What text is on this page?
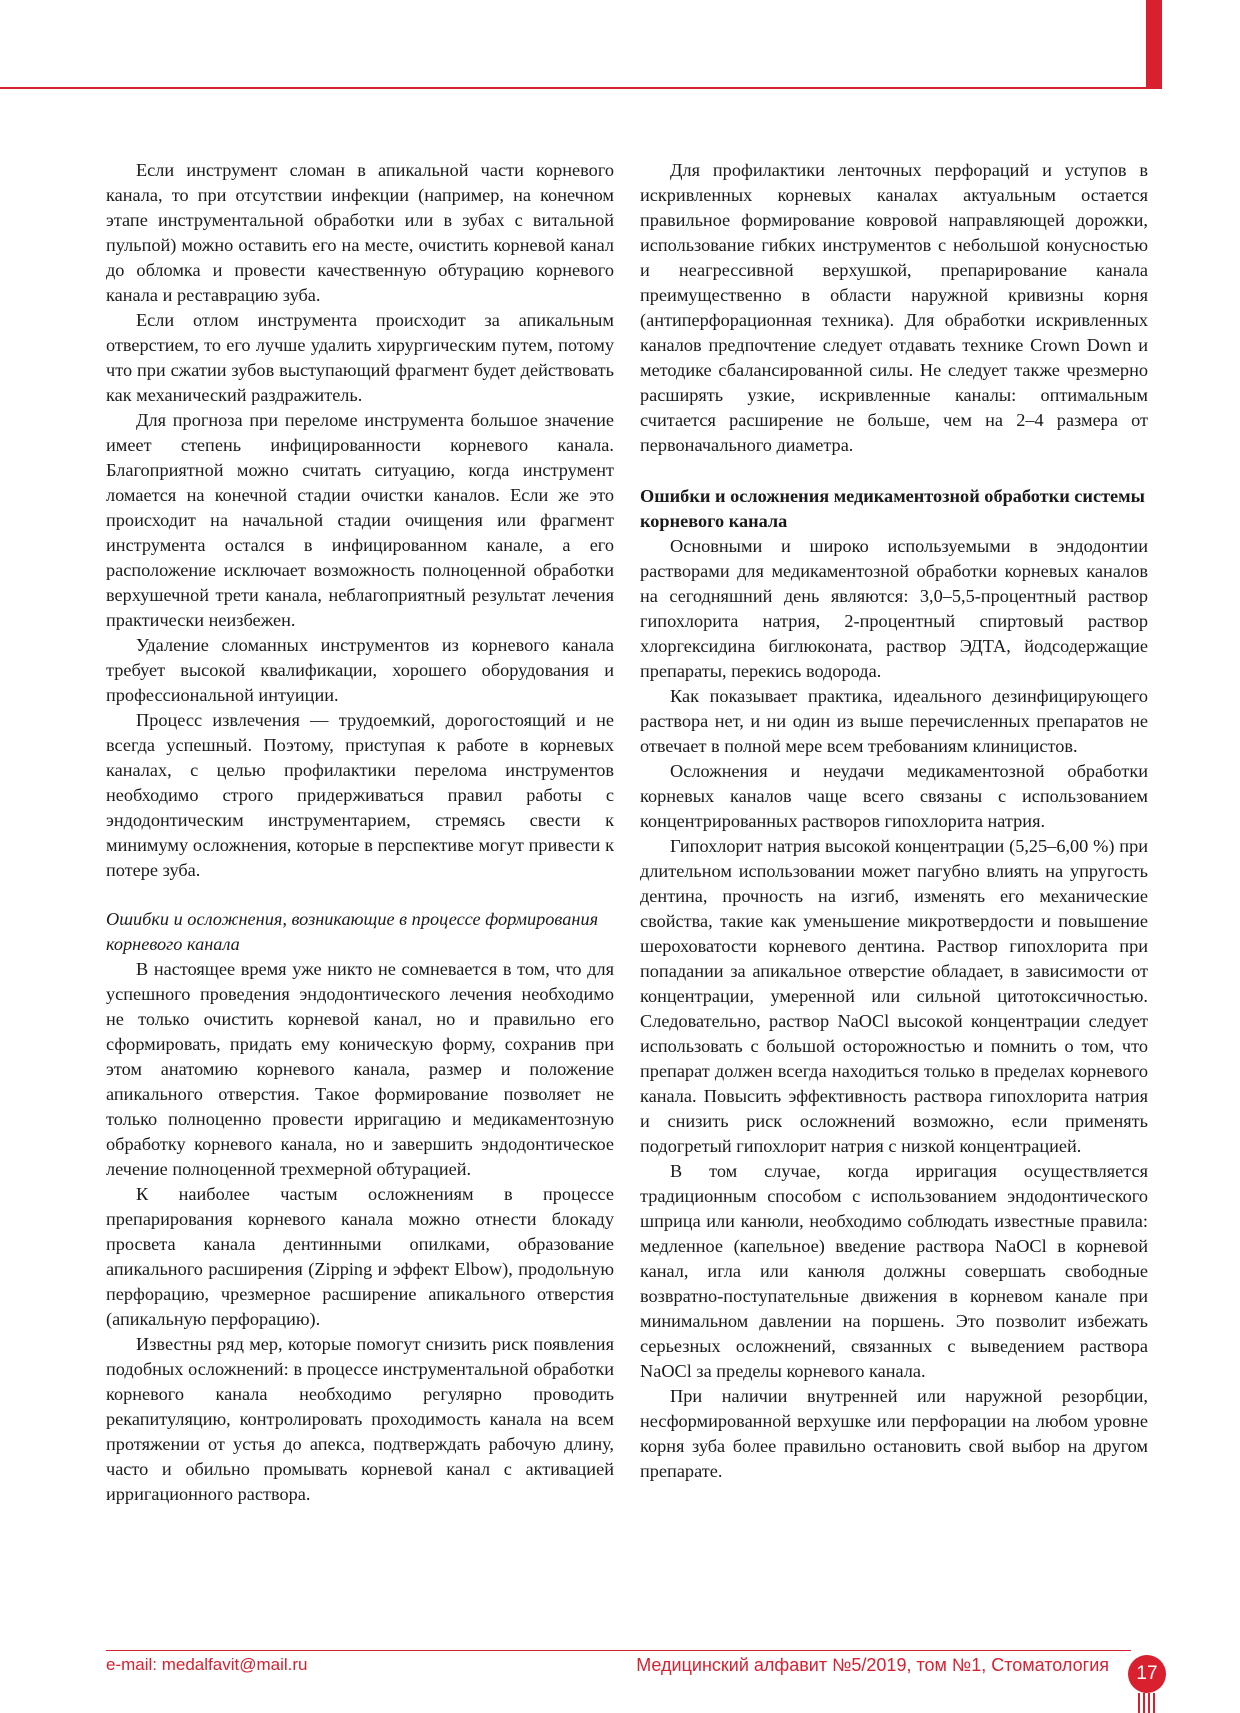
Если инструмент сломан в апикальной части корневого канала, то при отсутствии инфекции (например, на конечном этапе инструментальной обработки или в зубах с витальной пульпой) можно оставить его на месте, очистить корневой канал до обломка и провести качественную обтурацию корневого канала и реставрацию зуба.

Если отлом инструмента происходит за апикальным отверстием, то его лучше удалить хирургическим путем, потому что при сжатии зубов выступающий фрагмент будет действовать как механический раздражитель.

Для прогноза при переломе инструмента большое значение имеет степень инфицированности корневого канала. Благоприятной можно считать ситуацию, когда инструмент ломается на конечной стадии очистки каналов. Если же это происходит на начальной стадии очищения или фрагмент инструмента остался в инфицированном канале, а его расположение исключает возможность полноценной обработки верхушечной трети канала, неблагоприятный результат лечения практически неизбежен.

Удаление сломанных инструментов из корневого канала требует высокой квалификации, хорошего оборудования и профессиональной интуиции.

Процесс извлечения — трудоемкий, дорогостоящий и не всегда успешный. Поэтому, приступая к работе в корневых каналах, с целью профилактики перелома инструментов необходимо строго придерживаться правил работы с эндодонтическим инструментарием, стремясь свести к минимуму осложнения, которые в перспективе могут привести к потере зуба.

Ошибки и осложнения, возникающие в процессе формирования корневого канала

В настоящее время уже никто не сомневается в том, что для успешного проведения эндодонтического лечения необходимо не только очистить корневой канал, но и правильно его сформировать, придать ему коническую форму, сохранив при этом анатомию корневого канала, размер и положение апикального отверстия. Такое формирование позволяет не только полноценно провести ирригацию и медикаментозную обработку корневого канала, но и завершить эндодонтическое лечение полноценной трехмерной обтурацией.

К наиболее частым осложнениям в процессе препарирования корневого канала можно отнести блокаду просвета канала дентинными опилками, образование апикального расширения (Zipping и эффект Elbow), продольную перфорацию, чрезмерное расширение апикального отверстия (апикальную перфорацию).

Известны ряд мер, которые помогут снизить риск появления подобных осложнений: в процессе инструментальной обработки корневого канала необходимо регулярно проводить рекапитуляцию, контролировать проходимость канала на всем протяжении от устья до апекса, подтверждать рабочую длину, часто и обильно промывать корневой канал с активацией ирригационного раствора.

Для профилактики ленточных перфораций и уступов в искривленных корневых каналах актуальным остается правильное формирование ковровой направляющей дорожки, использование гибких инструментов с небольшой конусностью и неагрессивной верхушкой, препарирование канала преимущественно в области наружной кривизны корня (антиперфорационная техника). Для обработки искривленных каналов предпочтение следует отдавать технике Crown Down и методике сбалансированной силы. Не следует также чрезмерно расширять узкие, искривленные каналы: оптимальным считается расширение не больше, чем на 2–4 размера от первоначального диаметра.

Ошибки и осложнения медикаментозной обработки системы корневого канала

Основными и широко используемыми в эндодонтии растворами для медикаментозной обработки корневых каналов на сегодняшний день являются: 3,0–5,5-процентный раствор гипохлорита натрия, 2-процентный спиртовый раствор хлоргексидина биглюконата, раствор ЭДТА, йодсодержащие препараты, перекись водорода.

Как показывает практика, идеального дезинфицирующего раствора нет, и ни один из выше перечисленных препаратов не отвечает в полной мере всем требованиям клиницистов.

Осложнения и неудачи медикаментозной обработки корневых каналов чаще всего связаны с использованием концентрированных растворов гипохлорита натрия.

Гипохлорит натрия высокой концентрации (5,25–6,00 %) при длительном использовании может пагубно влиять на упругость дентина, прочность на изгиб, изменять его механические свойства, такие как уменьшение микротвердости и повышение шероховатости корневого дентина. Раствор гипохлорита при попадании за апикальное отверстие обладает, в зависимости от концентрации, умеренной или сильной цитотоксичностью. Следовательно, раствор NaOCl высокой концентрации следует использовать с большой осторожностью и помнить о том, что препарат должен всегда находиться только в пределах корневого канала. Повысить эффективность раствора гипохлорита натрия и снизить риск осложнений возможно, если применять подогретый гипохлорит натрия с низкой концентрацией.

В том случае, когда ирригация осуществляется традиционным способом с использованием эндодонтического шприца или канюли, необходимо соблюдать известные правила: медленное (капельное) введение раствора NaOCl в корневой канал, игла или канюля должны совершать свободные возвратно-поступательные движения в корневом канале при минимальном давлении на поршень. Это позволит избежать серьезных осложнений, связанных с выведением раствора NaOCl за пределы корневого канала.

При наличии внутренней или наружной резорбции, несформированной верхушке или перфорации на любом уровне корня зуба более правильно остановить свой выбор на другом препарате.

e-mail: medalfavit@mail.ru	Медицинский алфавит №5/2019, том №1, Стоматология	17
